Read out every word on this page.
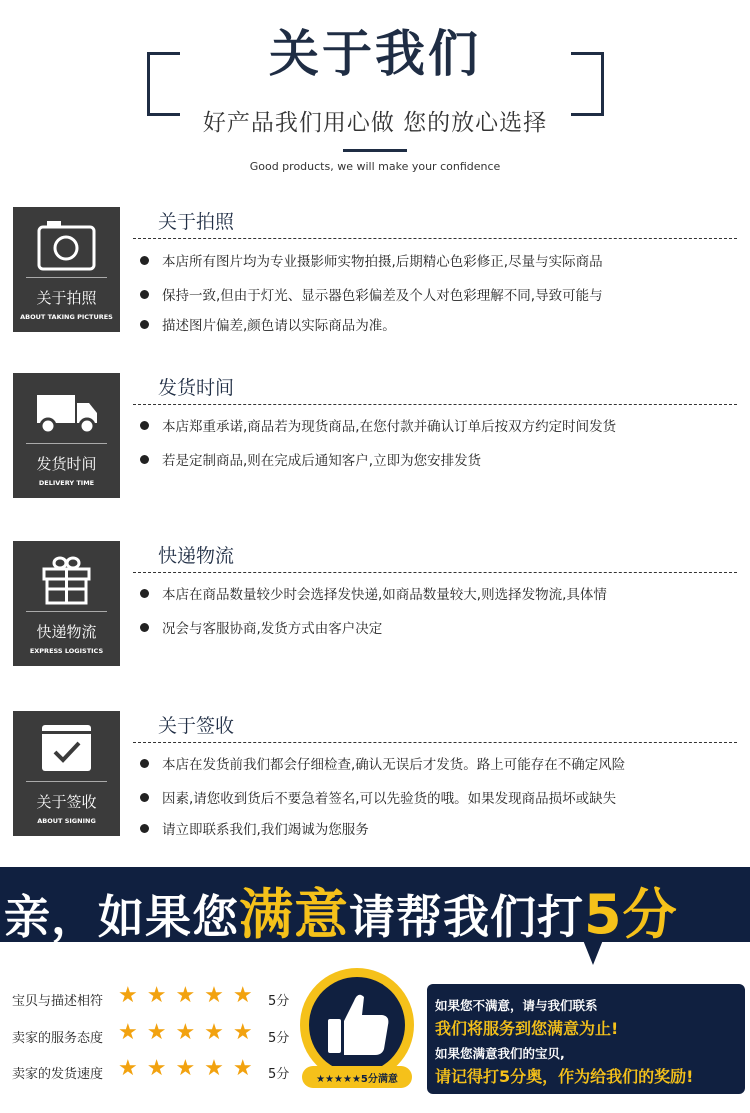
关于我们
好产品我们用心做 您的放心选择
Good products, we will make your confidence
关于拍照
ABOUT TAKING PICTURES
关于拍照
本店所有图片均为专业摄影师实物拍摄,后期精心色彩修正,尽量与实际商品
保持一致,但由于灯光、显示器色彩偏差及个人对色彩理解不同,导致可能与
描述图片偏差,颜色请以实际商品为准。
发货时间
DELIVERY TIME
发货时间
本店郑重承诺,商品若为现货商品,在您付款并确认订单后按双方约定时间发货
若是定制商品,则在完成后通知客户,立即为您安排发货
快递物流
EXPRESS LOGISTICS
快递物流
本店在商品数量较少时会选择发快递,如商品数量较大,则选择发物流,具体情
况会与客服协商,发货方式由客户决定
关于签收
ABOUT SIGNING
关于签收
本店在发货前我们都会仔细检查,确认无误后才发货。路上可能存在不确定风险
因素,请您收到货后不要急着签名,可以先验货的哦。如果发现商品损坏或缺失
请立即联系我们,我们竭诚为您服务
亲，如果您满意请帮我们打5分
宝贝与描述相符 ★★★★★ 5分
卖家的服务态度 ★★★★★ 5分
卖家的发货速度 ★★★★★ 5分	★★★★★5分满意
如果您不满意，请与我们联系
我们将服务到您满意为止!
如果您满意我们的宝贝,
请记得打5分奥，作为给我们的奖励!
